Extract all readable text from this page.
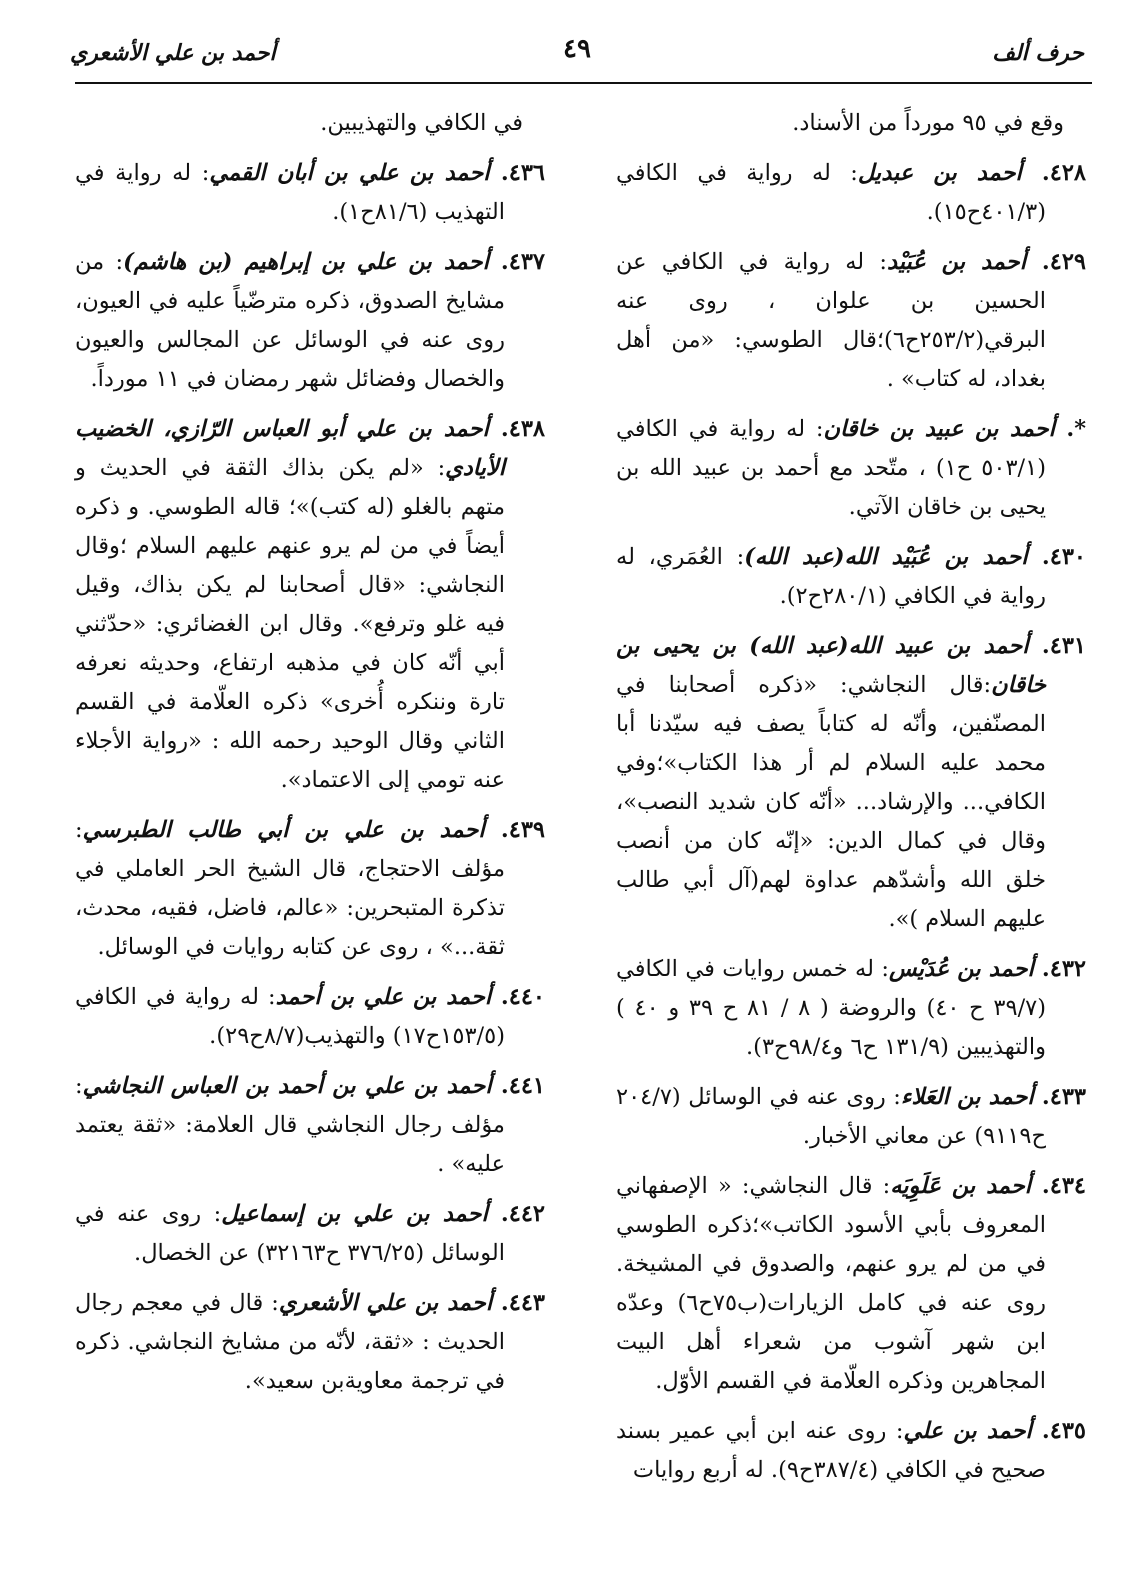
حرف ألف
٤٩
أحمد بن علي الأشعري

وقع في ٩٥ مورداً من الأسناد.

٤٢٨. أحمد بن عبديل: له رواية في الكافي (٤٠١/٣ح١٥).

٤٢٩. أحمد بن عُبَيْد: له رواية في الكافي عن الحسين بن علوان ، روى عنه البرقي(٢٥٣/٢ح٦)؛قال الطوسي: «من أهل بغداد، له كتاب» .

*. أحمد بن عبيد بن خاقان: له رواية في الكافي (٥٠٣/١ ح١) ، متّحد مع أحمد بن عبيد الله بن يحيى بن خاقان الآتي.

٤٣٠. أحمد بن عُبَيْد الله(عبد الله): العُمَري، له رواية في الكافي (٢٨٠/١ح٢).

٤٣١. أحمد بن عبيد الله(عبد الله) بن يحيى بن خاقان:قال النجاشي: «ذكره أصحابنا في المصنّفين، وأنّه له كتاباً يصف فيه سيّدنا أبا محمد عليه السلام لم أر هذا الكتاب»؛وفي الكافي... والإرشاد... «أنّه كان شديد النصب»، وقال في كمال الدين: «إنّه كان من أنصب خلق الله وأشدّهم عداوة لهم(آل أبي طالب عليهم السلام )».

٤٣٢. أحمد بن عُدَيْس: له خمس روايات في الكافي (٣٩/٧ ح ٤٠) والروضة ( ٨ / ٨١ ح ٣٩ و ٤٠ ) والتهذيبين (١٣١/٩ ح٦ و٩٨/٤ح٣).

٤٣٣. أحمد بن العَلاء: روى عنه في الوسائل (٢٠٤/٧ ح٩١١٩) عن معاني الأخبار.

٤٣٤. أحمد بن عَلَوِيَه: قال النجاشي: « الإصفهاني المعروف بأبي الأسود الكاتب»؛ذكره الطوسي في من لم يرو عنهم، والصدوق في المشيخة. روى عنه في كامل الزيارات(ب٧٥ح٦) وعدّه ابن شهر آشوب من شعراء أهل البيت المجاهرين وذكره العلّامة في القسم الأوّل.

٤٣٥. أحمد بن علي: روى عنه ابن أبي عمير بسند صحيح في الكافي (٣٨٧/٤ح٩). له أربع روايات

في الكافي والتهذيبين.

٤٣٦. أحمد بن علي بن أبان القمي: له رواية في التهذيب (٨١/٦ح١).

٤٣٧. أحمد بن علي بن إبراهيم (بن هاشم): من مشايخ الصدوق، ذكره مترضّياً عليه في العيون، روى عنه في الوسائل عن المجالس والعيون والخصال وفضائل شهر رمضان في ١١ مورداً.

٤٣٨. أحمد بن علي أبو العباس الرّازي، الخضيب الأيادي: «لم يكن بذاك الثقة في الحديث و متهم بالغلو (له كتب)»؛ قاله الطوسي. و ذكره أيضاً في من لم يرو عنهم عليهم السلام ؛وقال النجاشي: «قال أصحابنا لم يكن بذاك، وقيل فيه غلو وترفع». وقال ابن الغضائري: «حدّثني أبي أنّه كان في مذهبه ارتفاع، وحديثه نعرفه تارة وننكره أُخرى» ذكره العلّامة في القسم الثاني وقال الوحيد رحمه الله : «رواية الأجلاء عنه تومي إلى الاعتماد».

٤٣٩. أحمد بن علي بن أبي طالب الطبرسي: مؤلف الاحتجاج، قال الشيخ الحر العاملي في تذكرة المتبحرين: «عالم، فاضل، فقيه، محدث، ثقة...» ، روى عن كتابه روايات في الوسائل.

٤٤٠. أحمد بن علي بن أحمد: له رواية في الكافي (١٥٣/٥ح١٧) والتهذيب(٨/٧ح٢٩).

٤٤١. أحمد بن علي بن أحمد بن العباس النجاشي: مؤلف رجال النجاشي قال العلامة: «ثقة يعتمد عليه» .

٤٤٢. أحمد بن علي بن إسماعيل: روى عنه في الوسائل (٣٧٦/٢٥ ح٣٢١٦٣) عن الخصال.

٤٤٣. أحمد بن علي الأشعري: قال في معجم رجال الحديث : «ثقة، لأنّه من مشايخ النجاشي. ذكره في ترجمة معاويةبن سعيد».
